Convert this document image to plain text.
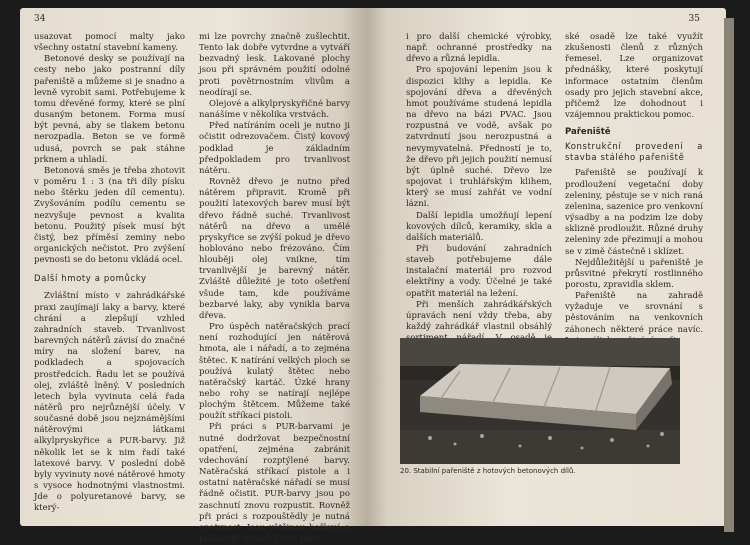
34

usazovat pomocí malty jako všechny ostatní stavební kameny.

Betonové desky se používají na cesty nebo jako postranní díly pařeniště a můžeme si je snadno a levně vyrobit sami. Potřebujeme k tomu dřevěné formy, které se plní dusaným betonem. Forma musí být pevná, aby se tlakem betonu nerozpadla. Beton se ve formě udusá, povrch se pak stáhne prknem a uhladí.

Betonová směs je třeba zhotovit v poměru 1 : 3 (na tři díly písku nebo štěrku jeden díl cementu). Zvyšováním podílu cementu se nezvyšuje pevnost a kvalita betonu. Použitý písek musí být čistý, bez příměsí zeminy nebo organických nečistot. Pro zvýšení pevnosti se do betonu vkládá ocel.

Další hmoty a pomůcky

Zvláštní místo v zahrádkářské praxi zaujímají laky a barvy, které chrání a zlepšují vzhled zahradních staveb. Trvanlivost barevných nátěrů závisí do značné míry na složení barev, na podkladech a spojovacích prostředcích. Řadu let se používá olej, zvláště lněný. V posledních letech byla vyvinuta celá řada nátěrů pro nejrůznější účely. V současné době jsou nejznámějšími nátěrovými látkami alkylpryskyřice a PUR-barvy. Již několik let se k nim řadí také latexové barvy. V poslední době byly vyvinuty nové nátěrové hmoty s vysoce hodnotnými vlastnostmi. Jde o polyuretanové barvy, se který-

mi lze povrchy značně zušlechtit. Tento lak dobře vytvrdne a vytváří bezvadný lesk. Lakované plochy jsou při správném použití odolné proti povětrnostním vlivům a neodírají se.

Olejové a alkylpryskyřičné barvy nanášíme v několika vrstvách.

Před natíráním oceli je nutno ji očistit odrezovačem. Čistý kovový podklad je základním předpokladem pro trvanlivost nátěru.

Rovněž dřevo je nutno před nátěrem připravit. Kromě při použití latexových barev musí být dřevo řádně suché. Trvanlivost nátěrů na dřevo a umělé pryskyřice se zvýší pokud je dřevo hoblováno nebo frézováno. Čím hlouběji olej vnikne, tím trvanlivější je barevný nátěr. Zvláště důležité je toto ošetření všude tam, kde používáme bezbarvé laky, aby vynikla barva dřeva.

Pro úspěch natěračských prací není rozhodující jen nátěrová hmota, ale i nářadí, a to zejména štětec. K natírání velkých ploch se používá kulatý štětec nebo natěračský kartáč. Úzké hrany nebo rohy se natírají nejlépe plochým štětcem. Můžeme také použít stříkací pistoli.

Při práci s PUR-barvami je nutné dodržovat bezpečnostní opatření, zejména zabránit vdechování rozptýlené barvy. Natěračská stříkací pistole a i ostatní natěračské nářadí se musí řádně očistit. PUR-barvy jsou po zaschnutí znovu rozpustit. Rovněž při práci s rozpouštědly je nutná opatrnost. Jsou většinou hořlavá a poškozují zdraví. Totéž platí

35

i pro další chemické výrobky, např. ochranné prostředky na dřevo a různá lepidla.

Pro spojování lepením jsou k dispozici klihy a lepidla. Ke spojování dřeva a dřevěných hmot používáme studená lepidla na dřevo na bázi PVAC. Jsou rozpustná ve vodě, avšak po zatvrdnutí jsou nerozpustná a nevymyvatelná. Předností je to, že dřevo při jejich použití nemusí být úplně suché. Dřevo lze spojovat i truhlářským klihem, který se musí zahřát ve vodní lázni.

Další lepidla umožňují lepení kovových dílců, keramiky, skla a dalších materiálů.

Při budování zahradních staveb potřebujeme dále instalační materiál pro rozvod elektřiny a vody. Účelné je také opatřit materiál na ležení.

Při menších zahrádkářských úpravách není vždy třeba, aby každý zahrádkář vlastnil obsáhlý

ské osadě lze také využít zkušenosti členů z různých řemesel. Lze organizovat přednášky, které poskytují informace ostatním členům osady pro jejich stavební akce, přičemž lze dohodnout i vzájemnou praktickou pomoc.

Pařeniště

Konstrukční provedení a stavba stálého pařeniště

Pařeniště se používají k prodloužení vegetační doby zeleniny, pěstuje se v nich raná zelenina, sazenice pro venkovní výsadby a na podzim lze doby sklizně prodloužit. Různé druhy zeleniny zde přezimují a mohou se v zimě částečně i sklízet.

Nejdůležitější u pařeniště je průsvitné překrytí rostlinného porostu, zpravidla sklem.

Pařeniště na zahradě vyžaduje ve srovnání s pěstováním na venkovních záhonech některé práce navíc.

20. Stabilní pařeniště z hotových betonových dílů.
